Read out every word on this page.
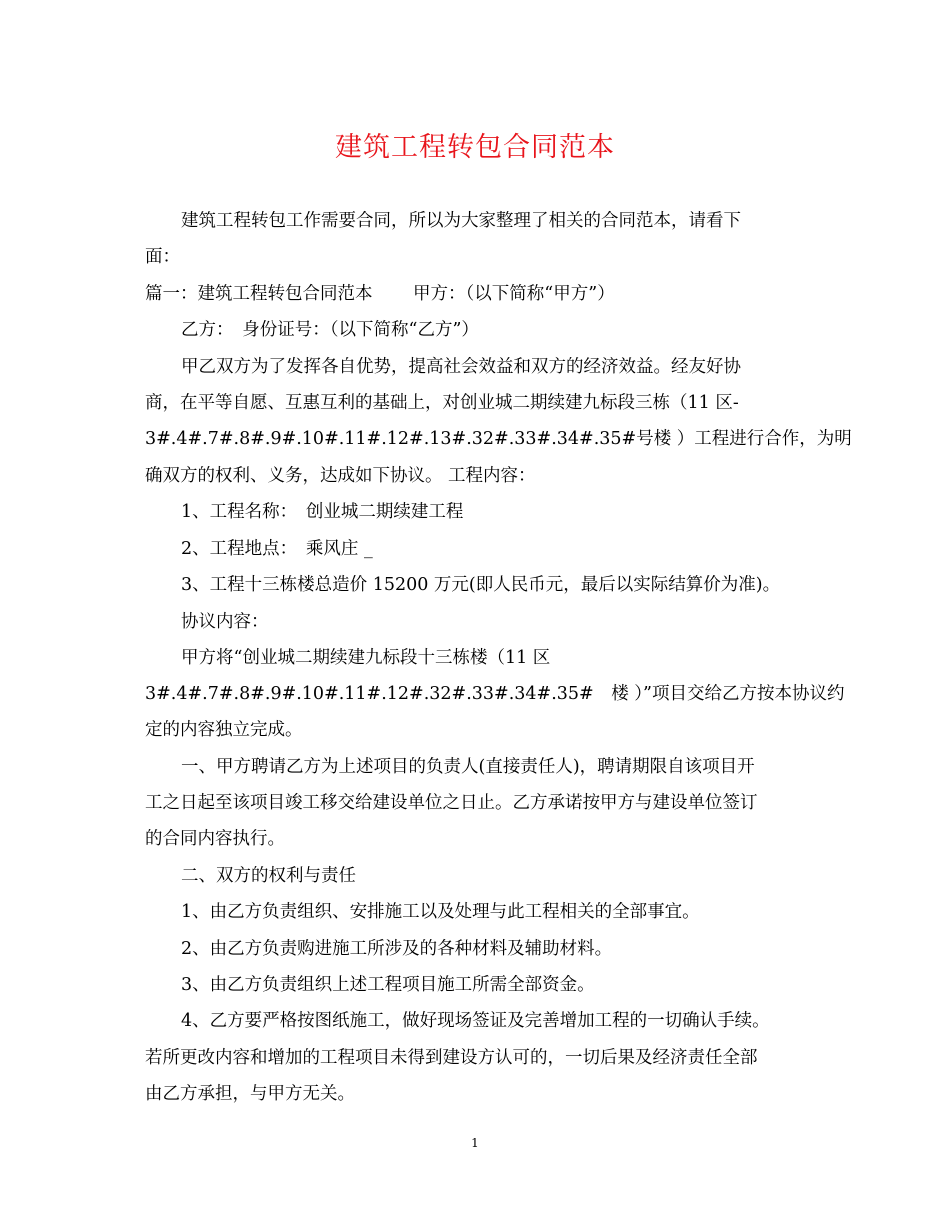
建筑工程转包合同范本
建筑工程转包工作需要合同，所以为大家整理了相关的合同范本，请看下
面：
篇一：建筑工程转包合同范本　　 甲方：（以下简称“甲方”）
乙方：　身份证号：（以下简称“乙方”）
甲乙双方为了发挥各自优势，提高社会效益和双方的经济效益。经友好协
商，在平等自愿、互惠互利的基础上，对创业城二期续建九标段三栋（11 区-
3#.4#.7#.8#.9#.10#.11#.12#.13#.32#.33#.34#.35#号楼 ）工程进行合作，为明
确双方的权利、义务，达成如下协议。 工程内容：
1、工程名称：　创业城二期续建工程
2、工程地点：　乘风庄 _
3、工程十三栋楼总造价 15200 万元(即人民币元，最后以实际结算价为准)。
协议内容：
甲方将“创业城二期续建九标段十三栋楼（11 区
3#.4#.7#.8#.9#.10#.11#.12#.32#.33#.34#.35#　楼 ）”项目交给乙方按本协议约
定的内容独立完成。
一、甲方聘请乙方为上述项目的负责人(直接责任人)，聘请期限自该项目开
工之日起至该项目竣工移交给建设单位之日止。乙方承诺按甲方与建设单位签订
的合同内容执行。
二、双方的权利与责任
1、由乙方负责组织、安排施工以及处理与此工程相关的全部事宜。
2、由乙方负责购进施工所涉及的各种材料及辅助材料。
3、由乙方负责组织上述工程项目施工所需全部资金。
4、乙方要严格按图纸施工，做好现场签证及完善增加工程的一切确认手续。
若所更改内容和增加的工程项目未得到建设方认可的，一切后果及经济责任全部
由乙方承担，与甲方无关。
1
